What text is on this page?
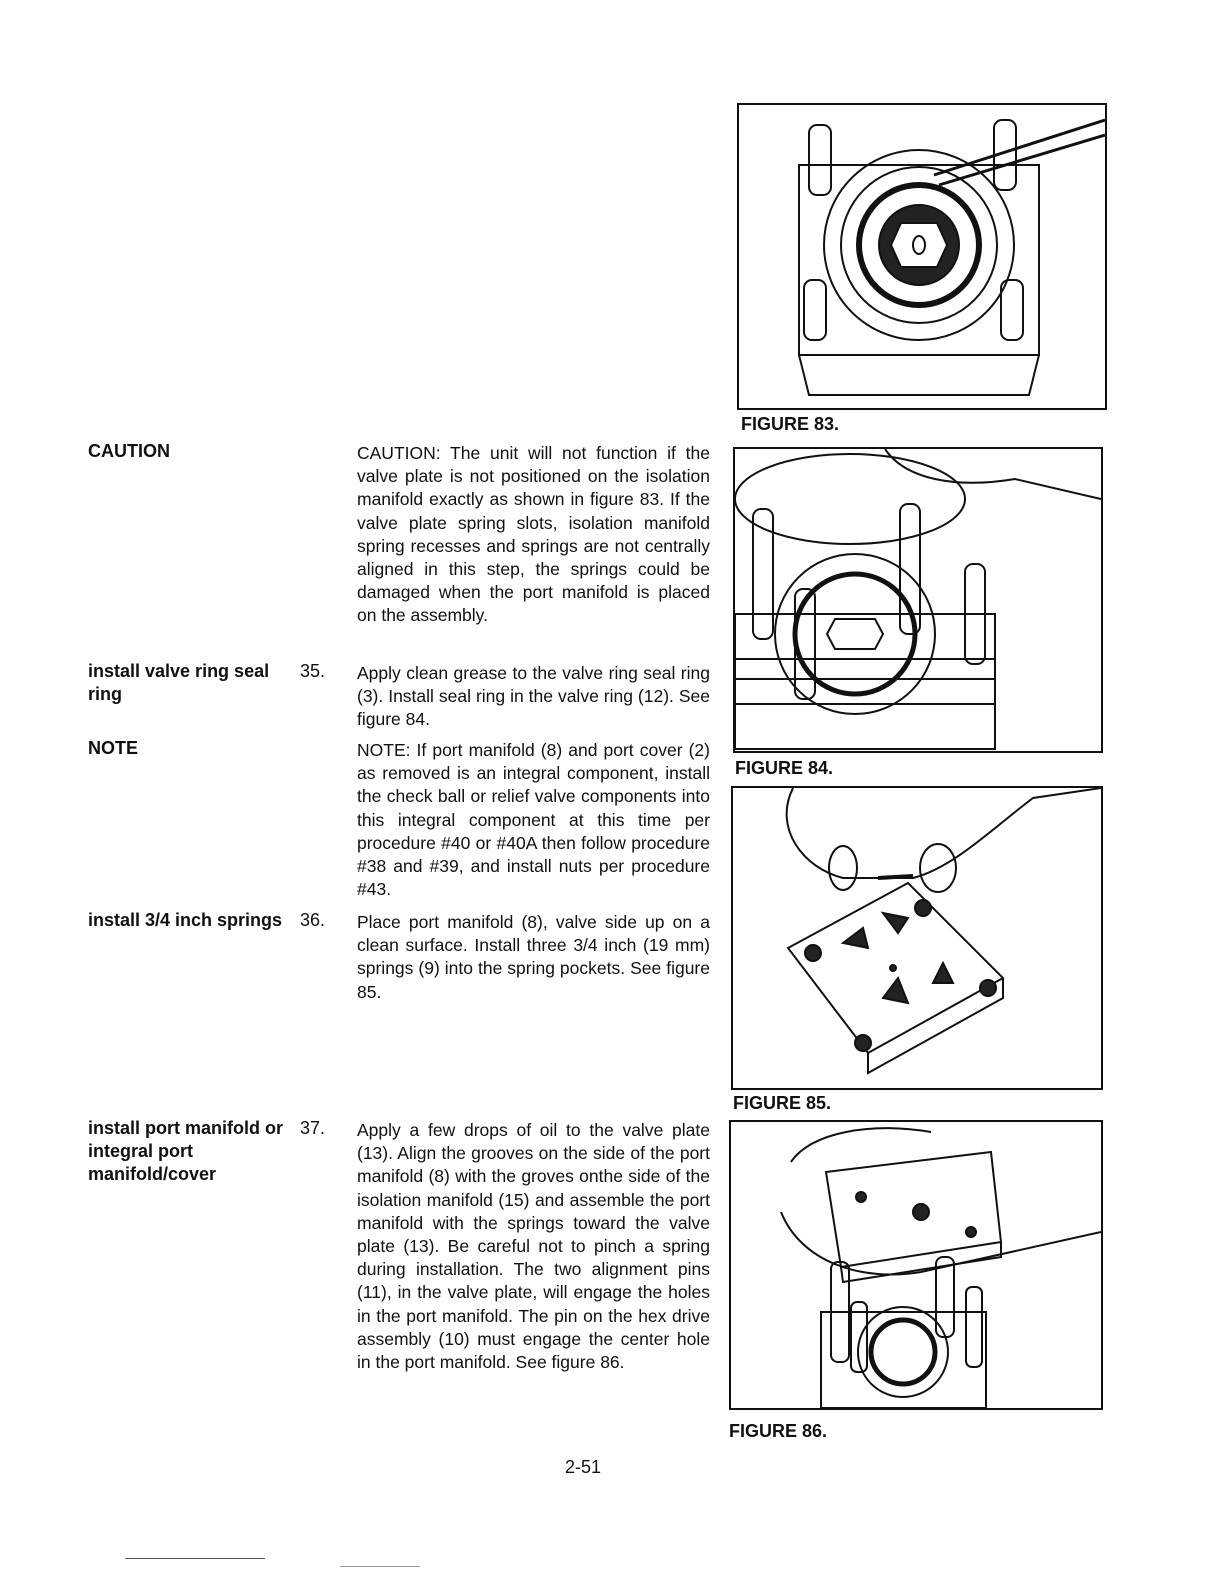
CAUTION
install valve ring seal ring
NOTE
install 3/4 inch springs
install port manifold or integral port manifold/cover
35.
36.
37.

CAUTION: The unit will not function if the valve plate is not positioned on the isolation manifold exactly as shown in figure 83. If the valve plate spring slots, isolation manifold spring recesses and springs are not centrally aligned in this step, the springs could be damaged when the port manifold is placed on the assembly.

Apply clean grease to the valve ring seal ring (3). Install seal ring in the valve ring (12). See figure 84.

NOTE: If port manifold (8) and port cover (2) as removed is an integral component, install the check ball or relief valve components into this integral component at this time per procedure #40 or #40A then follow procedure #38 and #39, and install nuts per procedure #43.

Place port manifold (8), valve side up on a clean surface. Install three 3/4 inch (19 mm) springs (9) into the spring pockets. See figure 85.

Apply a few drops of oil to the valve plate (13). Align the grooves on the side of the port manifold (8) with the groves onthe side of the isolation manifold (15) and assemble the port manifold with the springs toward the valve plate (13). Be careful not to pinch a spring during installation. The two alignment pins (11), in the valve plate, will engage the holes in the port manifold. The pin on the hex drive assembly (10) must engage the center hole in the port manifold. See figure 86.

FIGURE 83.
FIGURE 84.
FIGURE 85.
FIGURE 86.
2-51
